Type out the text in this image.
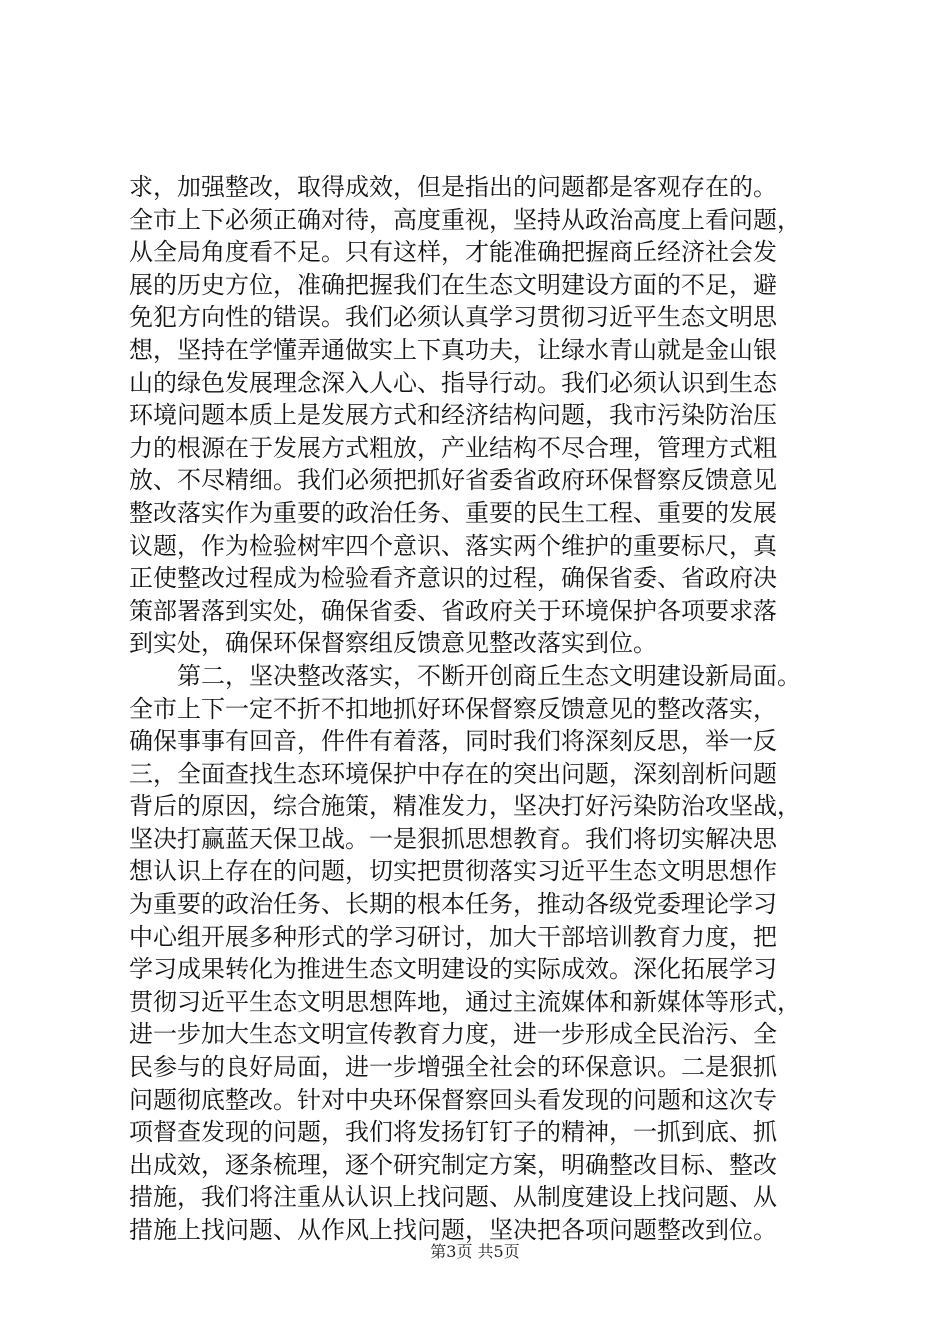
求，加强整改，取得成效，但是指出的问题都是客观存在的。
全市上下必须正确对待，高度重视，坚持从政治高度上看问题，
从全局角度看不足。只有这样，才能准确把握商丘经济社会发
展的历史方位，准确把握我们在生态文明建设方面的不足，避
免犯方向性的错误。我们必须认真学习贯彻习近平生态文明思
想，坚持在学懂弄通做实上下真功夫，让绿水青山就是金山银
山的绿色发展理念深入人心、指导行动。我们必须认识到生态
环境问题本质上是发展方式和经济结构问题，我市污染防治压
力的根源在于发展方式粗放，产业结构不尽合理，管理方式粗
放、不尽精细。我们必须把抓好省委省政府环保督察反馈意见
整改落实作为重要的政治任务、重要的民生工程、重要的发展
议题，作为检验树牢四个意识、落实两个维护的重要标尺，真
正使整改过程成为检验看齐意识的过程，确保省委、省政府决
策部署落到实处，确保省委、省政府关于环境保护各项要求落
到实处，确保环保督察组反馈意见整改落实到位。
第二，坚决整改落实，不断开创商丘生态文明建设新局面。
全市上下一定不折不扣地抓好环保督察反馈意见的整改落实，
确保事事有回音，件件有着落，同时我们将深刻反思，举一反
三，全面查找生态环境保护中存在的突出问题，深刻剖析问题
背后的原因，综合施策，精准发力，坚决打好污染防治攻坚战，
坚决打赢蓝天保卫战。一是狠抓思想教育。我们将切实解决思
想认识上存在的问题，切实把贯彻落实习近平生态文明思想作
为重要的政治任务、长期的根本任务，推动各级党委理论学习
中心组开展多种形式的学习研讨，加大干部培训教育力度，把
学习成果转化为推进生态文明建设的实际成效。深化拓展学习
贯彻习近平生态文明思想阵地，通过主流媒体和新媒体等形式，
进一步加大生态文明宣传教育力度，进一步形成全民治污、全
民参与的良好局面，进一步增强全社会的环保意识。二是狠抓
问题彻底整改。针对中央环保督察回头看发现的问题和这次专
项督查发现的问题，我们将发扬钉钉子的精神，一抓到底、抓
出成效，逐条梳理，逐个研究制定方案，明确整改目标、整改
措施，我们将注重从认识上找问题、从制度建设上找问题、从
措施上找问题、从作风上找问题，坚决把各项问题整改到位。
第3页 共5页
